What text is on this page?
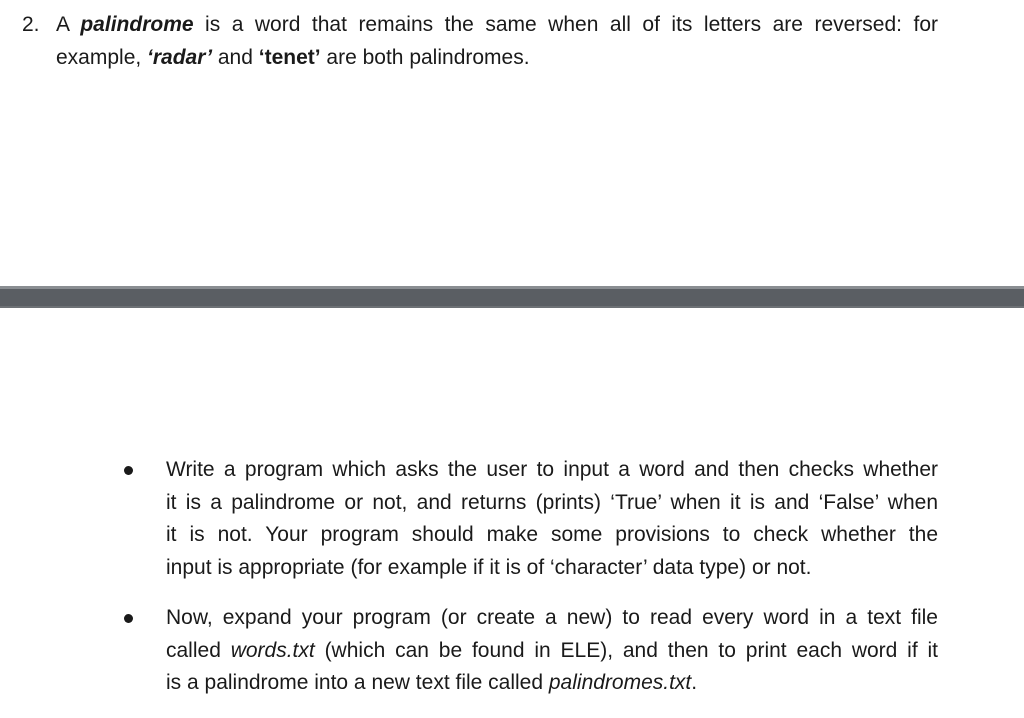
2. A palindrome is a word that remains the same when all of its letters are reversed: for
example, ‘radar’ and ‘tenet’ are both palindromes.
Write a program which asks the user to input a word and then checks whether
it is a palindrome or not, and returns (prints) ‘True’ when it is and ‘False’ when
it is not. Your program should make some provisions to check whether the
input is appropriate (for example if it is of ‘character’ data type) or not.
Now, expand your program (or create a new) to read every word in a text file
called words.txt (which can be found in ELE), and then to print each word if it
is a palindrome into a new text file called palindromes.txt.
